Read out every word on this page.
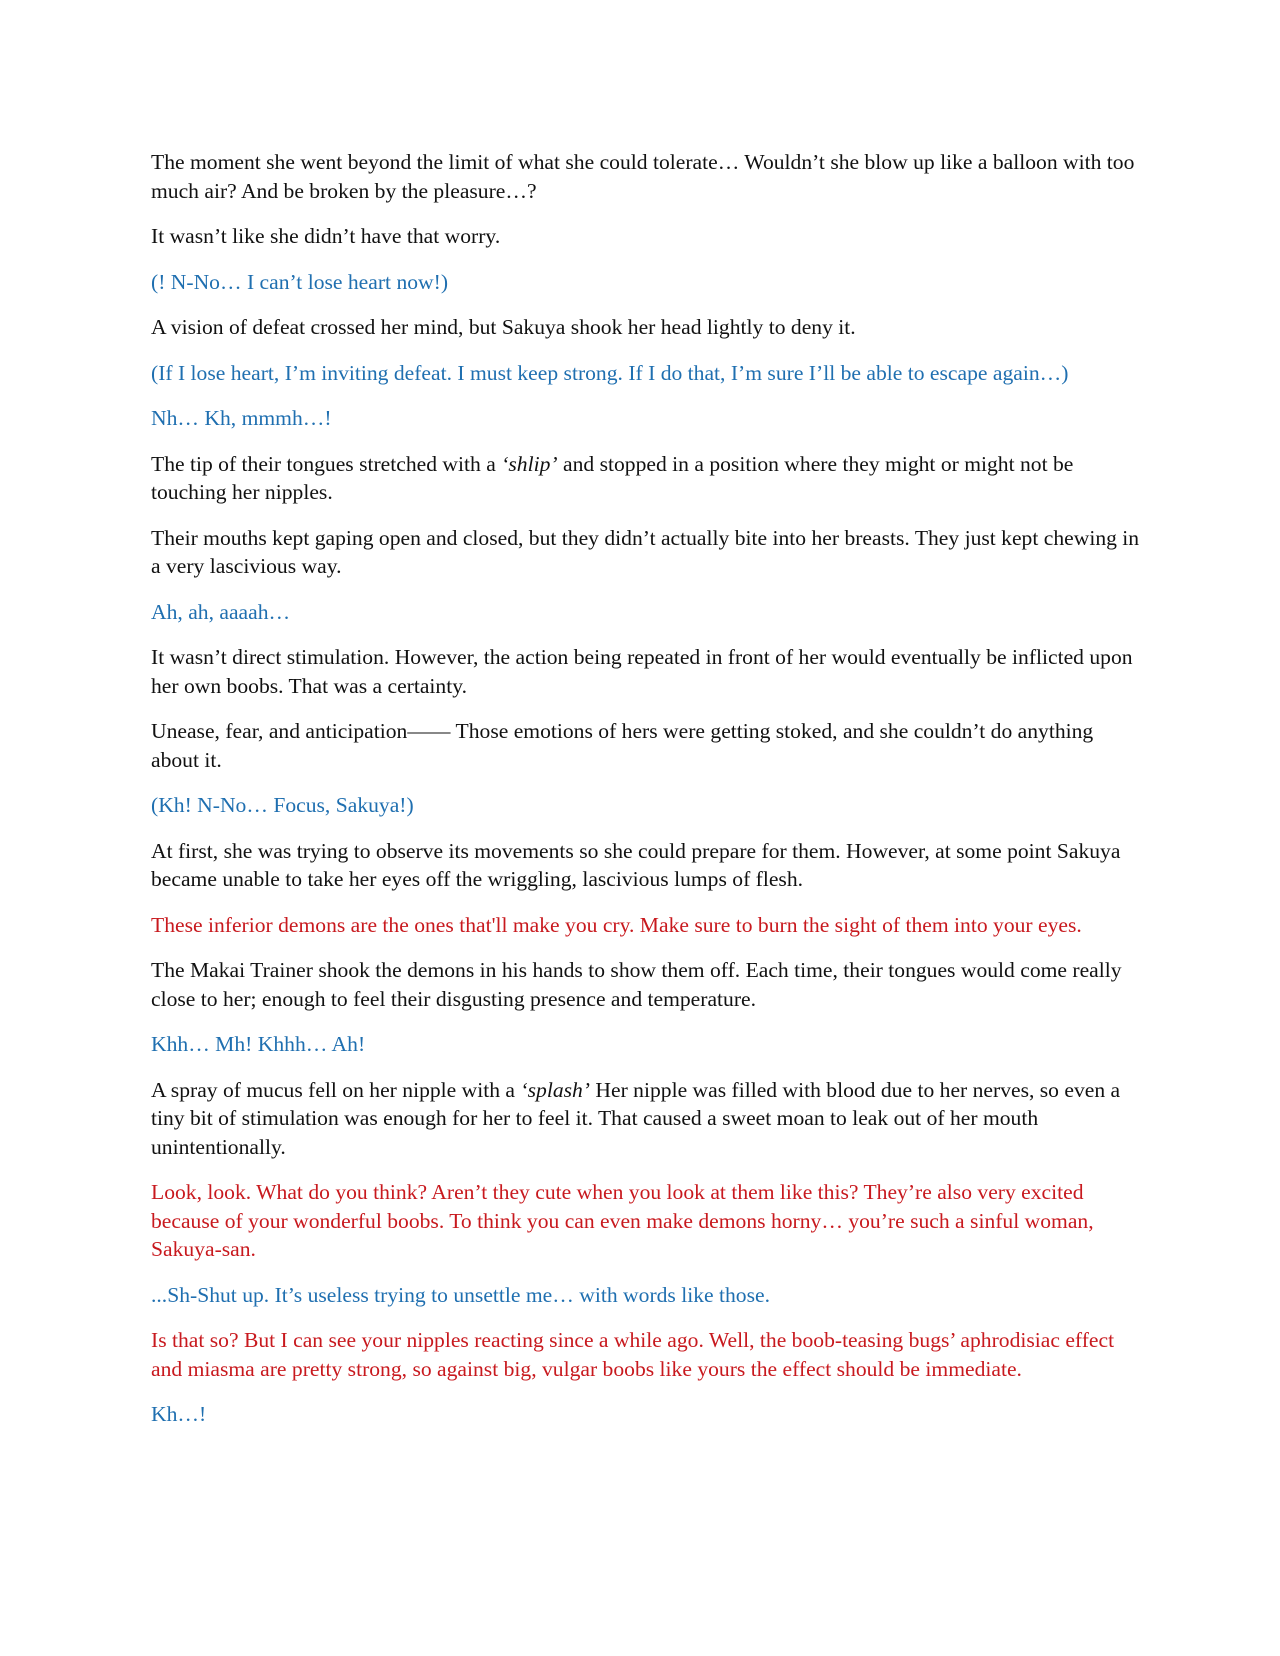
The moment she went beyond the limit of what she could tolerate… Wouldn’t she blow up like a balloon with too much air? And be broken by the pleasure…?

It wasn’t like she didn’t have that worry.

(! N-No… I can’t lose heart now!)

A vision of defeat crossed her mind, but Sakuya shook her head lightly to deny it.

(If I lose heart, I’m inviting defeat. I must keep strong. If I do that, I’m sure I’ll be able to escape again…)

Nh… Kh, mmmh…!

The tip of their tongues stretched with a ‘shlip’ and stopped in a position where they might or might not be touching her nipples.

Their mouths kept gaping open and closed, but they didn’t actually bite into her breasts. They just kept chewing in a very lascivious way.

Ah, ah, aaaah…

It wasn’t direct stimulation. However, the action being repeated in front of her would eventually be inflicted upon her own boobs. That was a certainty.

Unease, fear, and anticipation—— Those emotions of hers were getting stoked, and she couldn’t do anything about it.

(Kh! N-No… Focus, Sakuya!)

At first, she was trying to observe its movements so she could prepare for them. However, at some point Sakuya became unable to take her eyes off the wriggling, lascivious lumps of flesh.

These inferior demons are the ones that'll make you cry. Make sure to burn the sight of them into your eyes.

The Makai Trainer shook the demons in his hands to show them off. Each time, their tongues would come really close to her; enough to feel their disgusting presence and temperature.

Khh… Mh! Khhh… Ah!

A spray of mucus fell on her nipple with a ‘splash’ Her nipple was filled with blood due to her nerves, so even a tiny bit of stimulation was enough for her to feel it. That caused a sweet moan to leak out of her mouth unintentionally.

Look, look. What do you think? Aren’t they cute when you look at them like this? They’re also very excited because of your wonderful boobs. To think you can even make demons horny… you’re such a sinful woman, Sakuya-san.

...Sh-Shut up. It’s useless trying to unsettle me… with words like those.

Is that so? But I can see your nipples reacting since a while ago. Well, the boob-teasing bugs’ aphrodisiac effect and miasma are pretty strong, so against big, vulgar boobs like yours the effect should be immediate.

Kh…!
